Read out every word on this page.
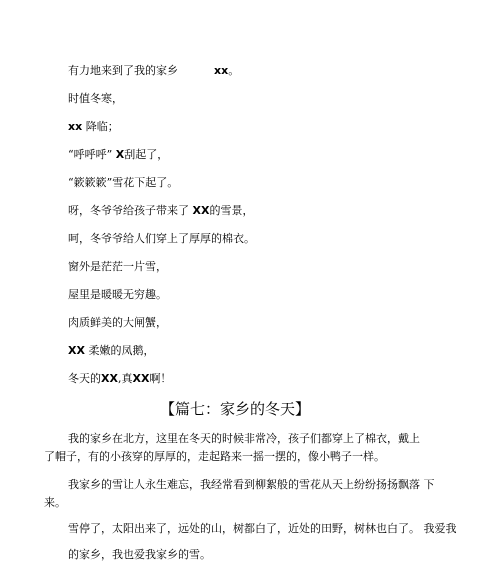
有力地来到了我的家乡	xx。
时值冬寒，
xx 降临；
“呼呼呼” X刮起了，
“簌簌簌”雪花下起了。
呀，冬爷爷给孩子带来了 XX的雪景，
呵，冬爷爷给人们穿上了厚厚的棉衣。
窗外是茫茫一片雪，
屋里是暖暖无穷趣。
肉质鲜美的大闸蟹，
XX 柔嫩的凤鹅，
冬天的XX,真XX啊！
【篇七：家乡的冬天】
我的家乡在北方，这里在冬天的时候非常冷，孩子们都穿上了棉衣，戴上
了帽子，有的小孩穿的厚厚的，走起路来一摇一摆的，像小鸭子一样。
我家乡的雪让人永生难忘，我经常看到柳絮般的雪花从天上纷纷扬扬飘落 下
来。
雪停了，太阳出来了，远处的山，树都白了，近处的田野，树林也白了。 我爱我
的家乡，我也爱我家乡的雪。
